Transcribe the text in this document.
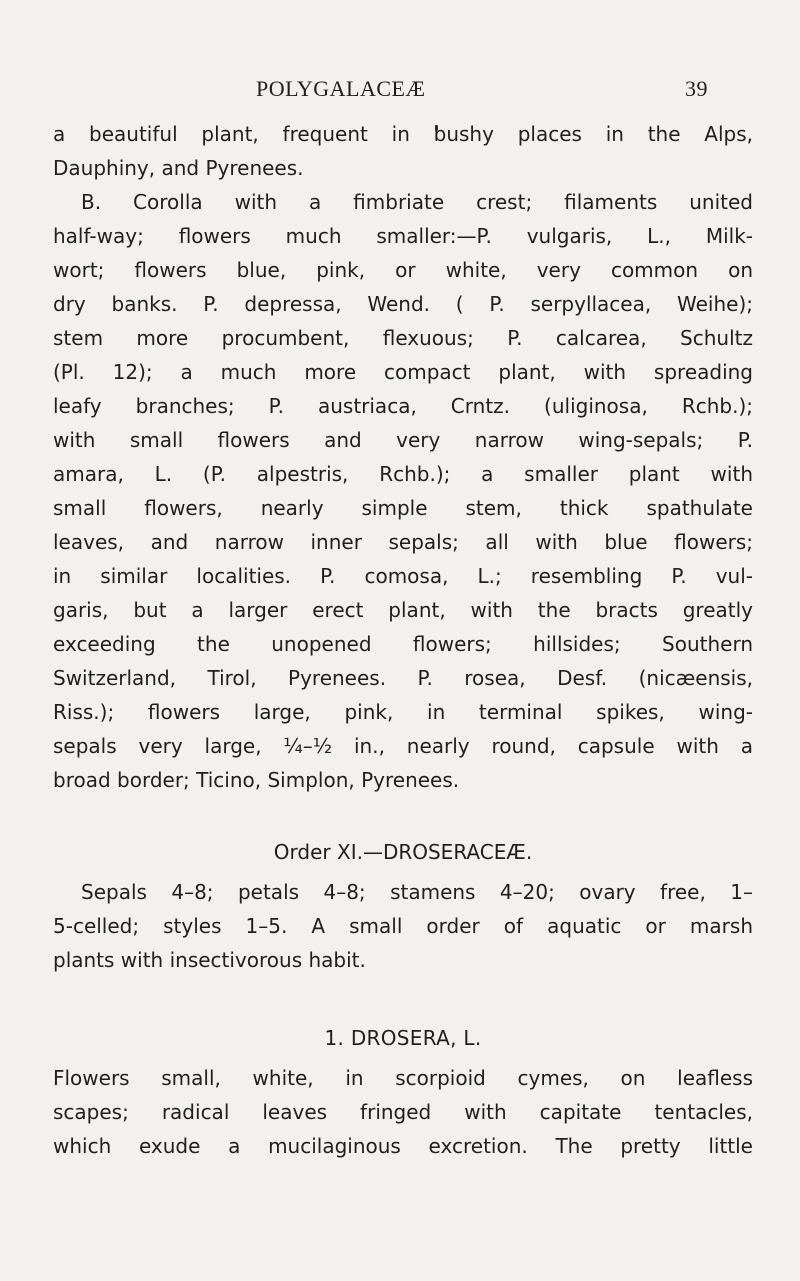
POLYGALACEÆ	39
a beautiful plant, frequent in bushy places in the Alps,
Dauphiny, and Pyrenees.
B. Corolla with a fimbriate crest; filaments united
half-way; flowers much smaller:—P. vulgaris, L., Milk-
wort; flowers blue, pink, or white, very common on
dry banks. P. depressa, Wend. ( P. serpyllacea, Weihe);
stem more procumbent, flexuous; P. calcarea, Schultz
(Pl. 12); a much more compact plant, with spreading
leafy branches; P. austriaca, Crntz. (uliginosa, Rchb.);
with small flowers and very narrow wing-sepals; P.
amara, L. (P. alpestris, Rchb.); a smaller plant with
small flowers, nearly simple stem, thick spathulate
leaves, and narrow inner sepals; all with blue flowers;
in similar localities. P. comosa, L.; resembling P. vul-
garis, but a larger erect plant, with the bracts greatly
exceeding the unopened flowers; hillsides; Southern
Switzerland, Tirol, Pyrenees. P. rosea, Desf. (nicæensis,
Riss.); flowers large, pink, in terminal spikes, wing-
sepals very large, ¼–½ in., nearly round, capsule with a
broad border; Ticino, Simplon, Pyrenees.
Order XI.—DROSERACEÆ.
Sepals 4–8; petals 4–8; stamens 4–20; ovary free, 1–
5-celled; styles 1–5. A small order of aquatic or marsh
plants with insectivorous habit.
1. DROSERA, L.
Flowers small, white, in scorpioid cymes, on leafless
scapes; radical leaves fringed with capitate tentacles,
which exude a mucilaginous excretion. The pretty little
